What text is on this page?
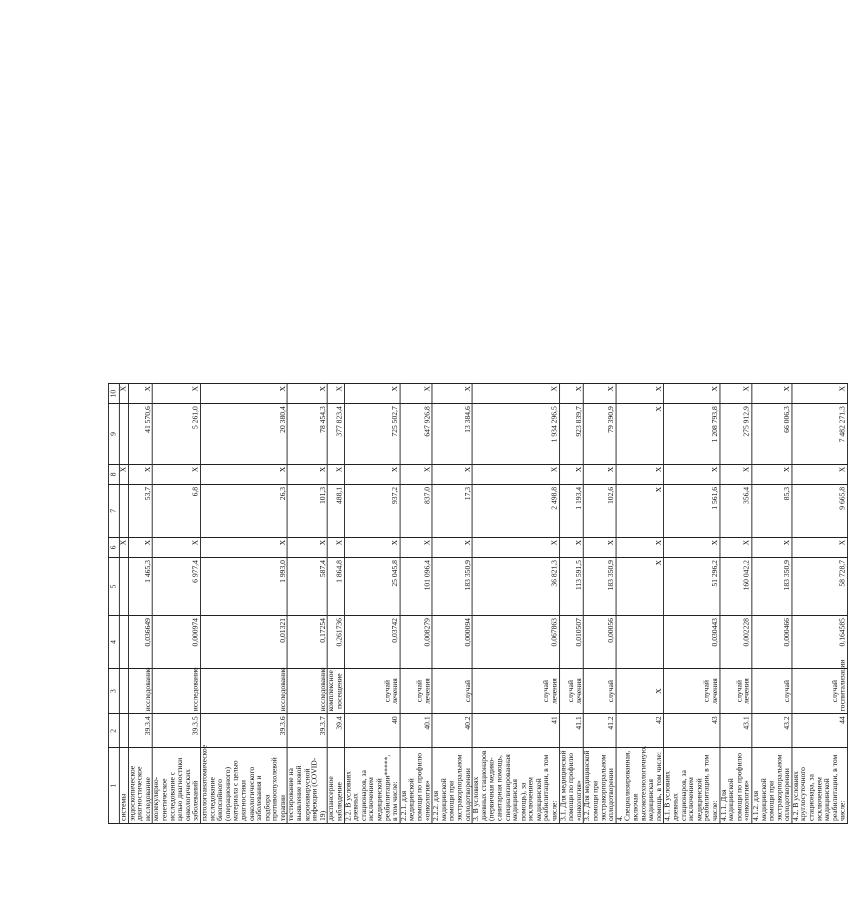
1	2	3	4	5	6	7	8	9	10
системы					Х		Х		Х
эндоскопическое диагностическое исследование	39.3.4	исследование	0,036649	1 465,3	Х	53,7	Х	41 570,6	Х
молекулярно-генетическое исследование с целью диагностики онкологических заболеваний	39.3.5	исследование	0,000974	6 977,4	Х	6,8	Х	5 261,0	Х
патологоанатомическое исследование биопсийного (операционного) материала с целью диагностики онкологического заболевания и подбора противоопухолевой терапии	39.3.6	исследование	0,01321	1 993,0	Х	26,3	Х	20 380,4	Х
тестирование на выявление новой коронавирусной инфекции (COVID-19)	39.3.7	исследование	0,17254	587,4	Х	101,3	Х	78 454,3	Х
диспансерное наблюдение	39.4	комплексное посещение	0,261736	1 864,8	Х	488,1	Х	377 823,4	Х
2.2. В условиях дневных стационаров, за исключением медицинской реабилитации*****, в том числе:	40	случай лечения	0,03742	25 045,8	Х	937,2	Х	725 502,7	Х
2.2.1. для медицинской помощи по профилю «онкология»	40.1	случай лечения	0,008279	101 096,4	Х	837,0	Х	647 926,8	Х
2.2.2. для медицинской помощи при экстракорпоральном оплодотворении	40.2	случай	0,000094	183 350,9	Х	17,3	Х	13 384,6	Х
3. В условиях дневных стационаров (первичная медико-санитарная помощь, специализированная медицинская помощь), за исключением медицинской реабилитации, в том числе:	41	случай лечения	0,067863	36 821,3	Х	2 498,8	Х	1 934 296,5	Х
3.1. Для медицинской помощи по профилю «онкология»	41.1	случай лечения	0,010507	113 591,5	Х	1 193,4	Х	923 839,7	Х
3.2. Для медицинской помощи при экстракорпоральном оплодотворении	41.2	случай	0,00056	183 350,9	Х	102,6	Х	79 390,9	Х
4. Специализированная, включая высокотехнологичную, медицинская помощь, в том числе:	42	Х		Х	Х	Х	Х	Х	Х
4.1. В условиях дневных стационаров, за исключением медицинской реабилитации, в том числе:	43	случай лечения	0,030443	51 296,2	Х	1 561,6	Х	1 208 793,8	Х
4.1.1. Для медицинской помощи по профилю «онкология»	43.1	случай лечения	0,002228	160 042,2	Х	356,4	Х	275 912,9	Х
4.1.2. для медицинской помощи при экстракорпоральном оплодотворении	43.2	случай	0,000466	183 350,9	Х	85,3	Х	66 006,3	Х
4.2. В условиях круглосуточного стационара, за исключением медицинской реабилитации, в том числе:	44	случай госпитализации	0,164585	58 728,7	Х	9 665,8	Х	7 482 271,3	Х
